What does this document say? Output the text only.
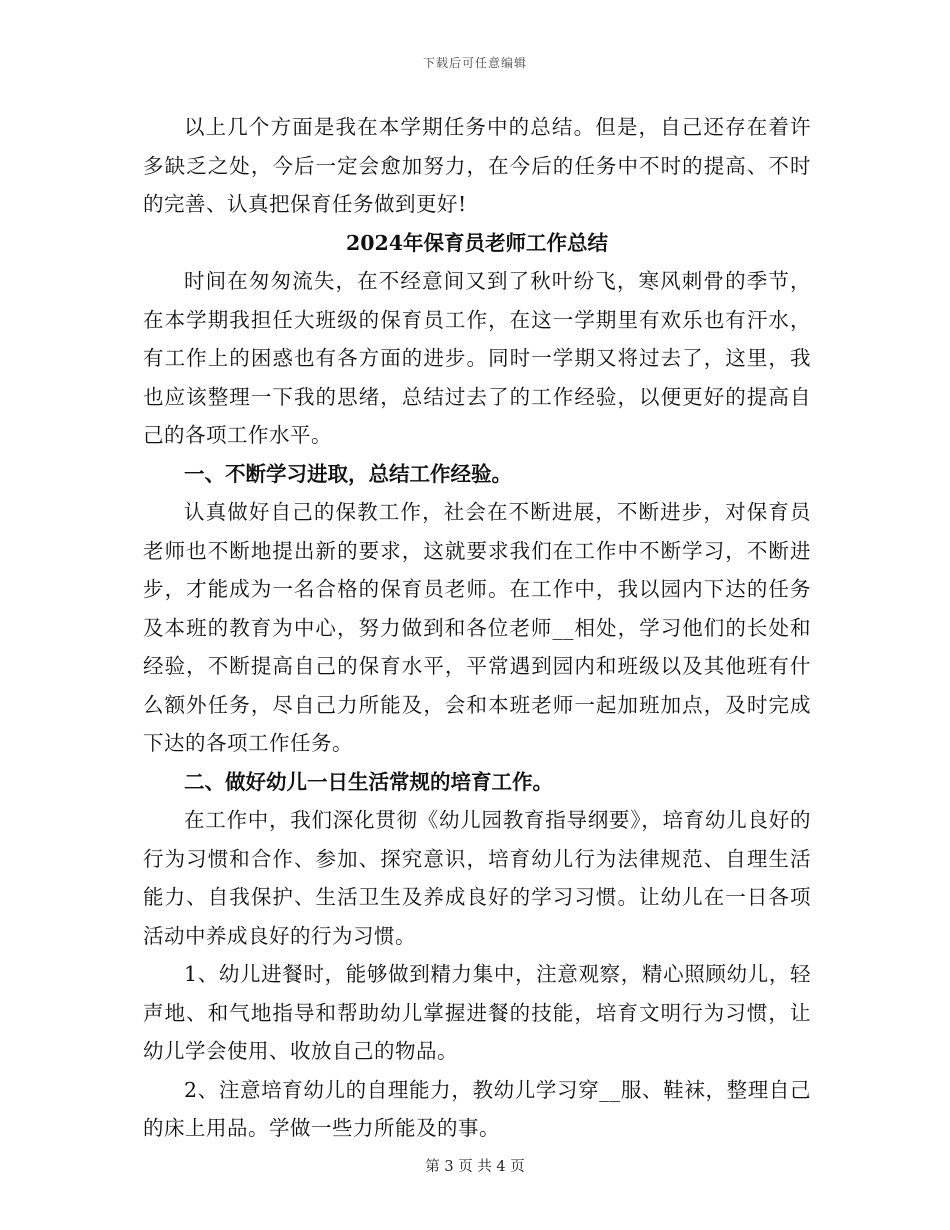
下载后可任意编辑

以上几个方面是我在本学期任务中的总结。但是，自己还存在着许多缺乏之处，今后一定会愈加努力，在今后的任务中不时的提高、不时的完善、认真把保育任务做到更好!

2024年保育员老师工作总结

时间在匆匆流失，在不经意间又到了秋叶纷飞，寒风刺骨的季节，在本学期我担任大班级的保育员工作，在这一学期里有欢乐也有汗水，有工作上的困惑也有各方面的进步。同时一学期又将过去了，这里，我也应该整理一下我的思绪，总结过去了的工作经验，以便更好的提高自己的各项工作水平。

一、不断学习进取，总结工作经验。

认真做好自己的保教工作，社会在不断进展，不断进步，对保育员老师也不断地提出新的要求，这就要求我们在工作中不断学习，不断进步，才能成为一名合格的保育员老师。在工作中，我以园内下达的任务及本班的教育为中心，努力做到和各位老师__相处，学习他们的长处和经验，不断提高自己的保育水平，平常遇到园内和班级以及其他班有什么额外任务，尽自己力所能及，会和本班老师一起加班加点，及时完成下达的各项工作任务。

二、做好幼儿一日生活常规的培育工作。

在工作中，我们深化贯彻《幼儿园教育指导纲要》，培育幼儿良好的行为习惯和合作、参加、探究意识，培育幼儿行为法律规范、自理生活能力、自我保护、生活卫生及养成良好的学习习惯。让幼儿在一日各项活动中养成良好的行为习惯。

1、幼儿进餐时，能够做到精力集中，注意观察，精心照顾幼儿，轻声地、和气地指导和帮助幼儿掌握进餐的技能，培育文明行为习惯，让幼儿学会使用、收放自己的物品。

2、注意培育幼儿的自理能力，教幼儿学习穿__服、鞋袜，整理自己的床上用品。学做一些力所能及的事。

第 3 页 共 4 页
